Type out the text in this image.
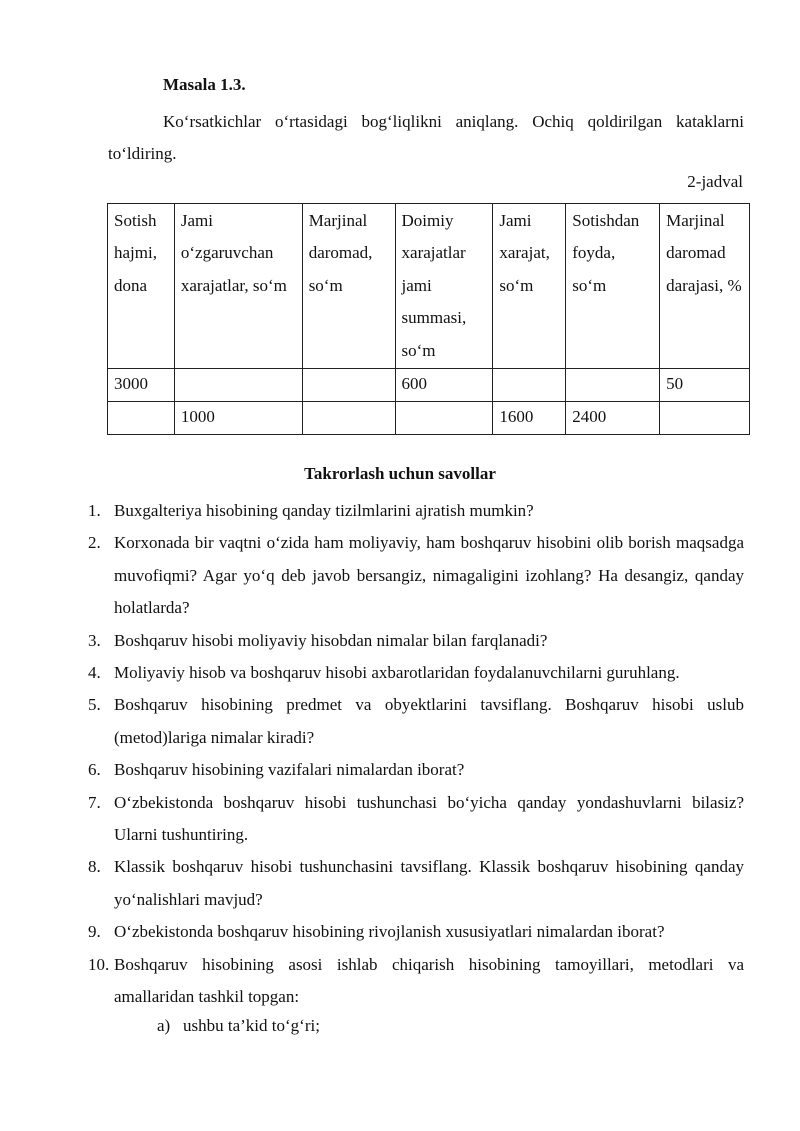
Masala 1.3.
Ko‘rsatkichlar o‘rtasidagi bog‘liqlikni aniqlang. Ochiq qoldirilgan kataklarni to‘ldiring.
2-jadval
Sotish hajmi, dona	Jami o‘zgaruvchan xarajatlar, so‘m	Marjinal daromad, so‘m	Doimiy xarajatlar jami summasi, so‘m	Jami xarajat, so‘m	Sotishdan foyda, so‘m	Marjinal daromad darajasi, %
3000			600			50
	1000			1600	2400	
Takrorlash uchun savollar
1. Buxgalteriya hisobining qanday tizilmlarini ajratish mumkin?
2. Korxonada bir vaqtni o‘zida ham moliyaviy, ham boshqaruv hisobini olib borish maqsadga muvofiqmi? Agar yo‘q deb javob bersangiz, nimagaligini izohlang? Ha desangiz, qanday holatlarda?
3. Boshqaruv hisobi moliyaviy hisobdan nimalar bilan farqlanadi?
4. Moliyaviy hisob va boshqaruv hisobi axbarotlaridan foydalanuvchilarni guruhlang.
5. Boshqaruv hisobining predmet va obyektlarini tavsiflang. Boshqaruv hisobi uslub (metod)lariga nimalar kiradi?
6. Boshqaruv hisobining vazifalari nimalardan iborat?
7. O‘zbekistonda boshqaruv hisobi tushunchasi bo‘yicha qanday yondashuvlarni bilasiz? Ularni tushuntiring.
8. Klassik boshqaruv hisobi tushunchasini tavsiflang. Klassik boshqaruv hisobining qanday yo‘nalishlari mavjud?
9. O‘zbekistonda boshqaruv hisobining rivojlanish xususiyatlari nimalardan iborat?
10. Boshqaruv hisobining asosi ishlab chiqarish hisobining tamoyillari, metodlari va amallaridan tashkil topgan:
a) ushbu ta’kid to‘g‘ri;
